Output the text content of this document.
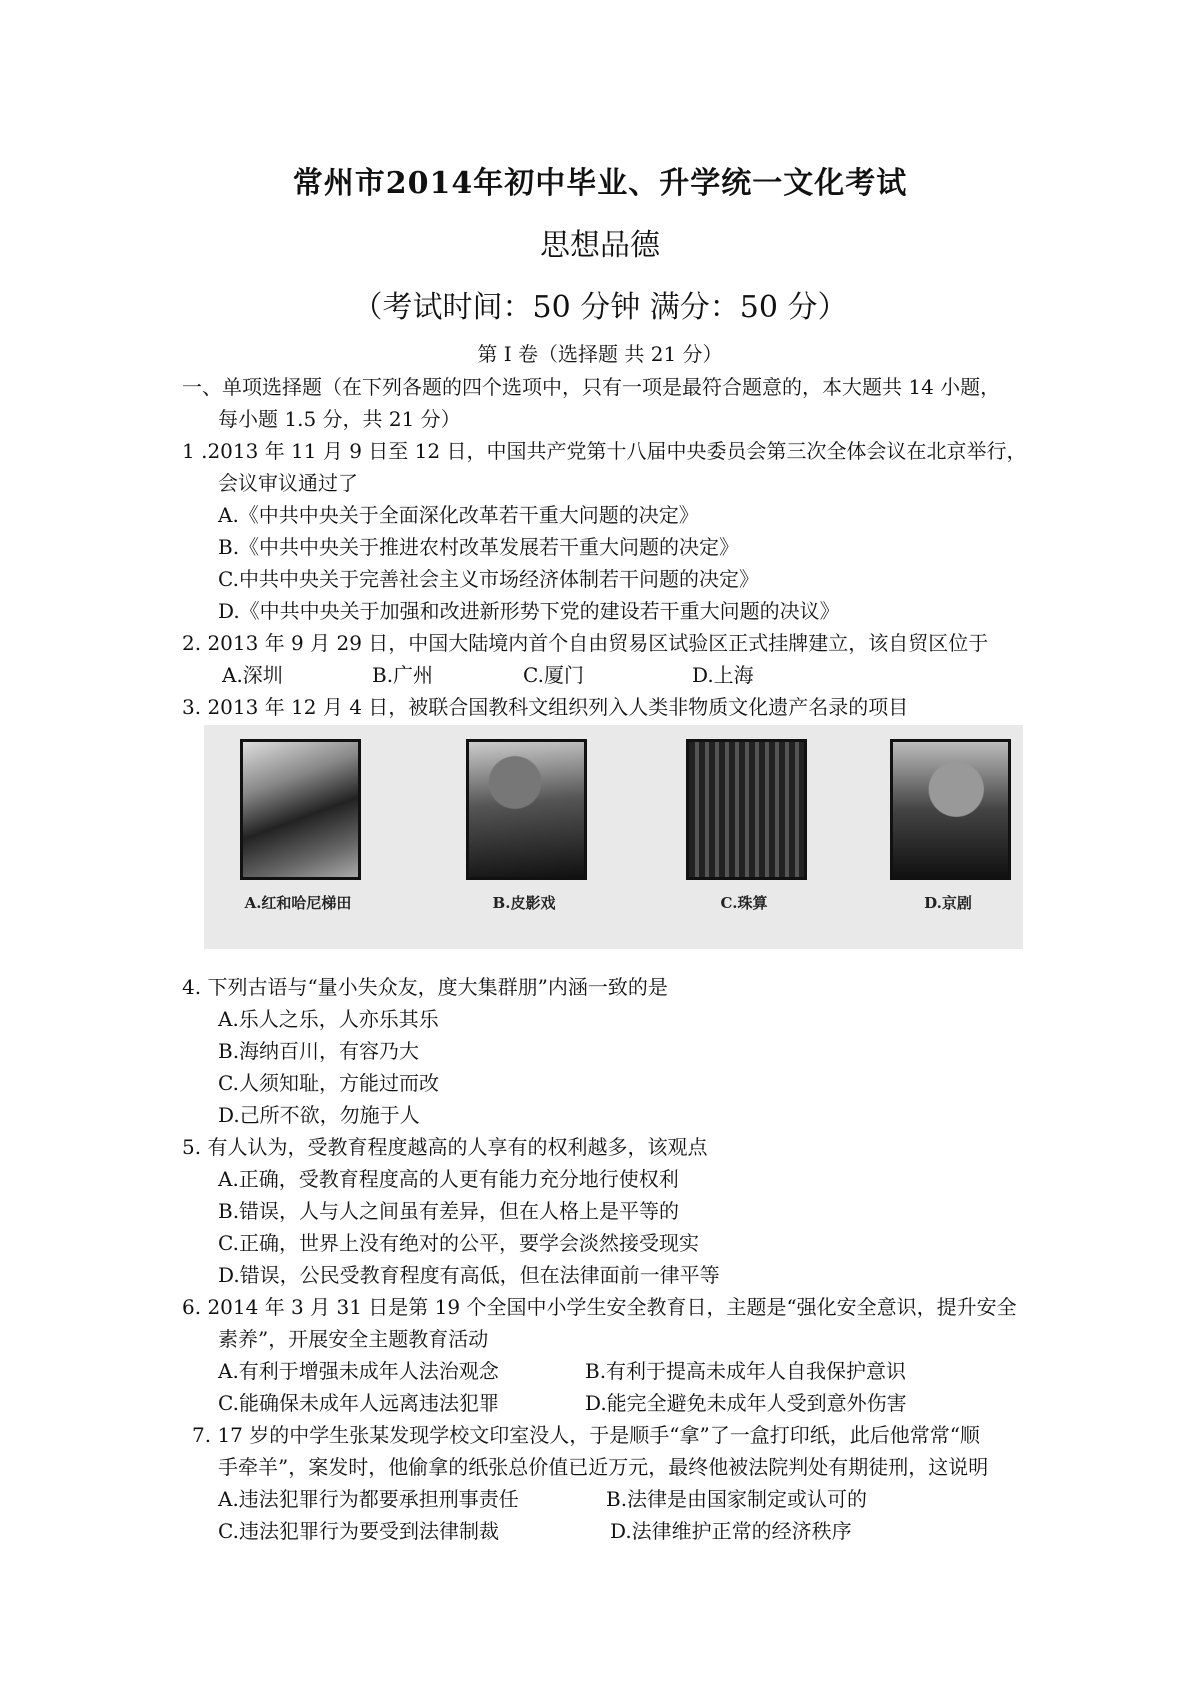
常州市2014年初中毕业、升学统一文化考试
思想品德
（考试时间：50 分钟 满分：50 分）
第 I 卷（选择题 共 21 分）
一、单项选择题（在下列各题的四个选项中，只有一项是最符合题意的，本大题共 14 小题，
每小题 1.5 分，共 21 分）
1 .2013 年 11 月 9 日至 12 日，中国共产党第十八届中央委员会第三次全体会议在北京举行，
会议审议通过了
A.《中共中央关于全面深化改革若干重大问题的决定》
B.《中共中央关于推进农村改革发展若干重大问题的决定》
C.中共中央关于完善社会主义市场经济体制若干问题的决定》
D.《中共中央关于加强和改进新形势下党的建设若干重大问题的决议》
2. 2013 年 9 月 29 日，中国大陆境内首个自由贸易区试验区正式挂牌建立，该自贸区位于
A.深圳	B.广州	C.厦门	D.上海
3. 2013 年 12 月 4 日，被联合国教科文组织列入人类非物质文化遗产名录的项目
A.红和哈尼梯田	B.皮影戏	C.珠算	D.京剧
4. 下列古语与“量小失众友，度大集群朋”内涵一致的是
A.乐人之乐，人亦乐其乐
B.海纳百川，有容乃大
C.人须知耻，方能过而改
D.己所不欲，勿施于人
5. 有人认为，受教育程度越高的人享有的权利越多，该观点
A.正确，受教育程度高的人更有能力充分地行使权利
B.错误，人与人之间虽有差异，但在人格上是平等的
C.正确，世界上没有绝对的公平，要学会淡然接受现实
D.错误，公民受教育程度有高低，但在法律面前一律平等
6. 2014 年 3 月 31 日是第 19 个全国中小学生安全教育日，主题是“强化安全意识，提升安全
素养”，开展安全主题教育活动
A.有利于增强未成年人法治观念	B.有利于提高未成年人自我保护意识
C.能确保未成年人远离违法犯罪	D.能完全避免未成年人受到意外伤害
7. 17 岁的中学生张某发现学校文印室没人，于是顺手“拿”了一盒打印纸，此后他常常“顺
手牵羊”，案发时，他偷拿的纸张总价值已近万元，最终他被法院判处有期徒刑，这说明
A.违法犯罪行为都要承担刑事责任	B.法律是由国家制定或认可的
C.违法犯罪行为要受到法律制裁	D.法律维护正常的经济秩序
